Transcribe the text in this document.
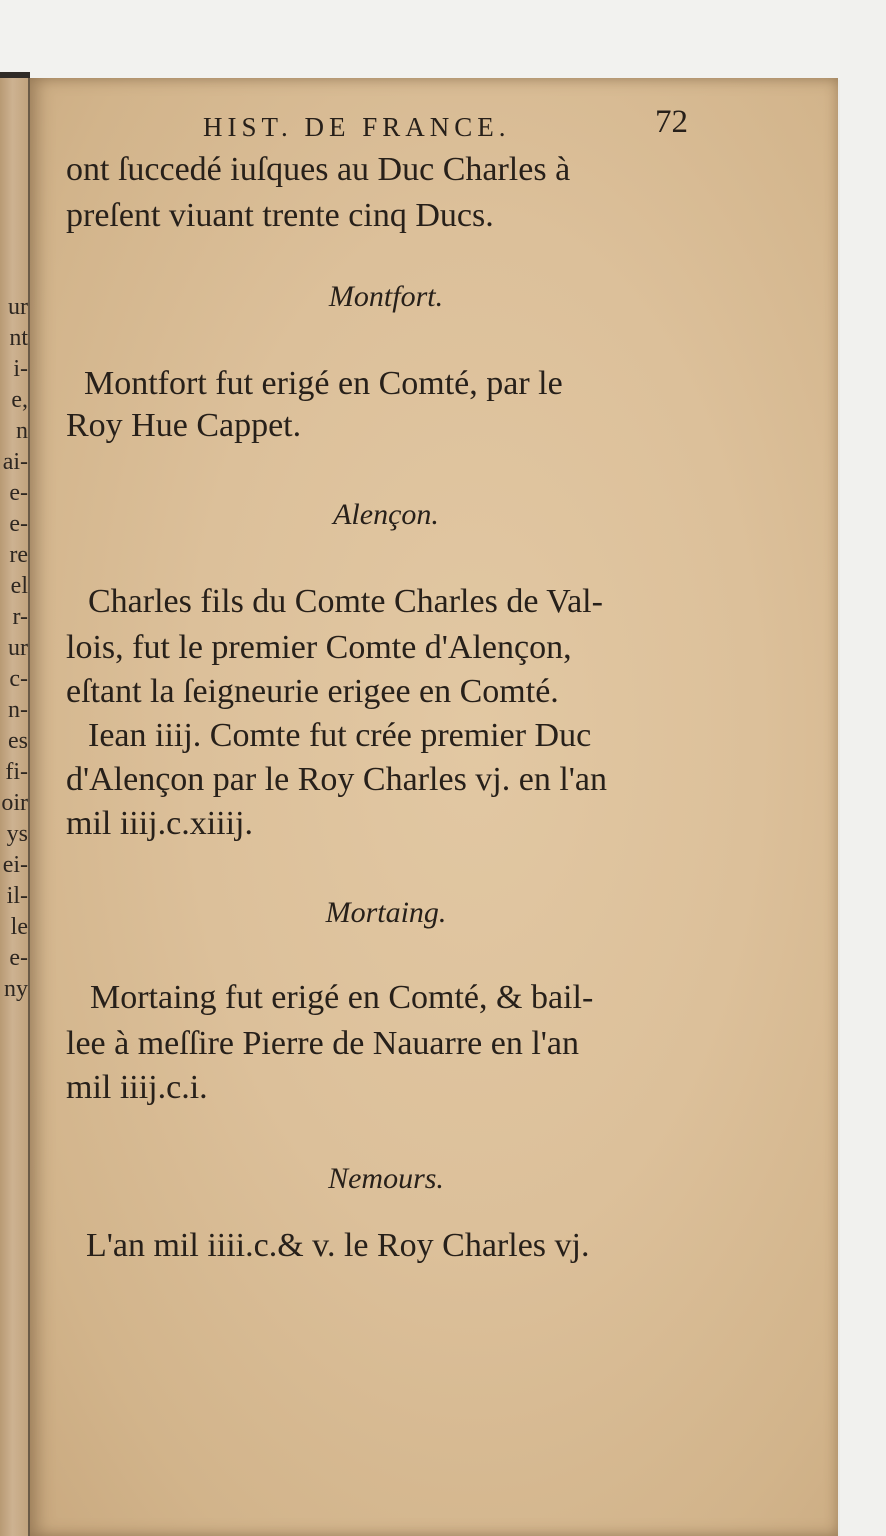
ur
nt
i-
e,
n
ai-
e-
e-
re
el
r-
ur
c-
n-
es
fi-
oir
ys
ei-
il-
le
e-
ny
HIST. DE FRANCE.	72
ont ſuccedé iuſques au Duc Charles à
preſent viuant trente cinq Ducs.
Montfort.
Montfort fut erigé en Comté, par le
Roy Hue Cappet.
Alençon.
Charles fils du Comte Charles de Val-
lois, fut le premier Comte d'Alençon,
eſtant la ſeigneurie erigee en Comté.
Iean iiij. Comte fut crée premier Duc
d'Alençon par le Roy Charles vj. en l'an
mil iiij.c.xiiij.
Mortaing.
Mortaing fut erigé en Comté, & bail-
lee à meſſire Pierre de Nauarre en l'an
mil iiij.c.i.
Nemours.
L'an mil iiii.c.& v. le Roy Charles vj.
